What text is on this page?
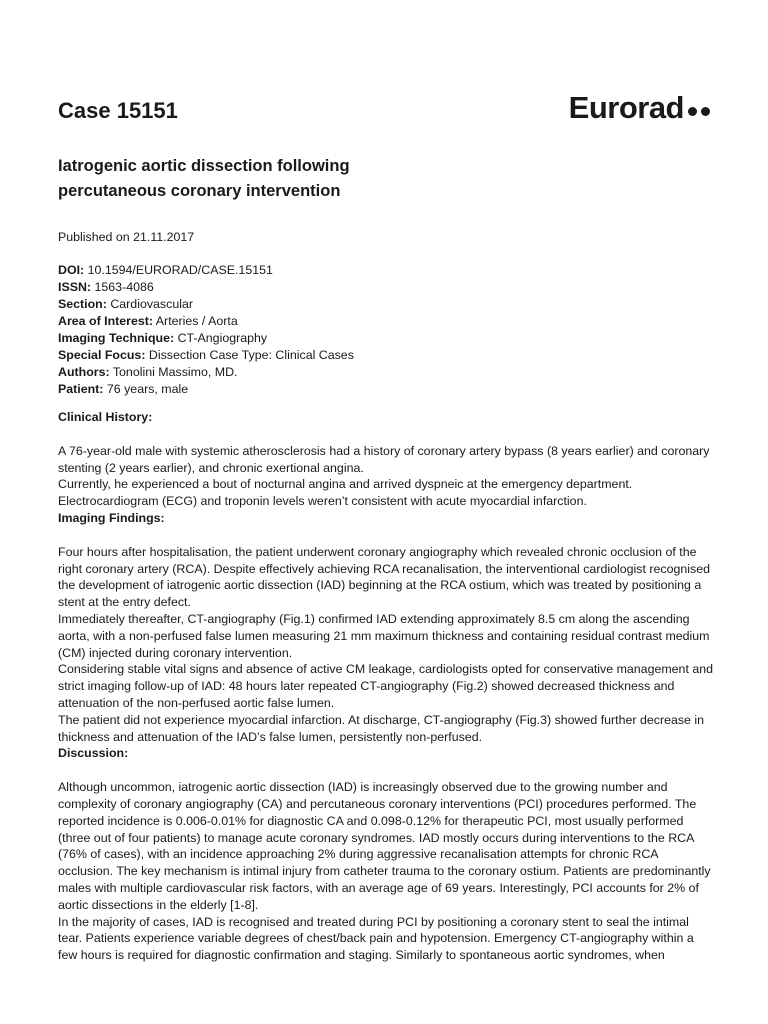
Case 15151	Eurorad
Iatrogenic aortic dissection following percutaneous coronary intervention
Published on 21.11.2017
DOI: 10.1594/EURORAD/CASE.15151
ISSN: 1563-4086
Section: Cardiovascular
Area of Interest: Arteries / Aorta
Imaging Technique: CT-Angiography
Special Focus: Dissection Case Type: Clinical Cases
Authors: Tonolini Massimo, MD.
Patient: 76 years, male
Clinical History:

A 76-year-old male with systemic atherosclerosis had a history of coronary artery bypass (8 years earlier) and coronary stenting (2 years earlier), and chronic exertional angina.

Currently, he experienced a bout of nocturnal angina and arrived dyspneic at the emergency department. Electrocardiogram (ECG) and troponin levels weren’t consistent with acute myocardial infarction.

Imaging Findings:

Four hours after hospitalisation, the patient underwent coronary angiography which revealed chronic occlusion of the right coronary artery (RCA). Despite effectively achieving RCA recanalisation, the interventional cardiologist recognised the development of iatrogenic aortic dissection (IAD) beginning at the RCA ostium, which was treated by positioning a stent at the entry defect.

Immediately thereafter, CT-angiography (Fig.1) confirmed IAD extending approximately 8.5 cm along the ascending aorta, with a non-perfused false lumen measuring 21 mm maximum thickness and containing residual contrast medium (CM) injected during coronary intervention.

Considering stable vital signs and absence of active CM leakage, cardiologists opted for conservative management and strict imaging follow-up of IAD: 48 hours later repeated CT-angiography (Fig.2) showed decreased thickness and attenuation of the non-perfused aortic false lumen.

The patient did not experience myocardial infarction. At discharge, CT-angiography (Fig.3) showed further decrease in thickness and attenuation of the IAD’s false lumen, persistently non-perfused.

Discussion:

Although uncommon, iatrogenic aortic dissection (IAD) is increasingly observed due to the growing number and complexity of coronary angiography (CA) and percutaneous coronary interventions (PCI) procedures performed. The reported incidence is 0.006-0.01% for diagnostic CA and 0.098-0.12% for therapeutic PCI, most usually performed (three out of four patients) to manage acute coronary syndromes. IAD mostly occurs during interventions to the RCA (76% of cases), with an incidence approaching 2% during aggressive recanalisation attempts for chronic RCA occlusion. The key mechanism is intimal injury from catheter trauma to the coronary ostium. Patients are predominantly males with multiple cardiovascular risk factors, with an average age of 69 years. Interestingly, PCI accounts for 2% of aortic dissections in the elderly [1-8].

In the majority of cases, IAD is recognised and treated during PCI by positioning a coronary stent to seal the intimal tear. Patients experience variable degrees of chest/back pain and hypotension. Emergency CT-angiography within a few hours is required for diagnostic confirmation and staging. Similarly to spontaneous aortic syndromes, when
